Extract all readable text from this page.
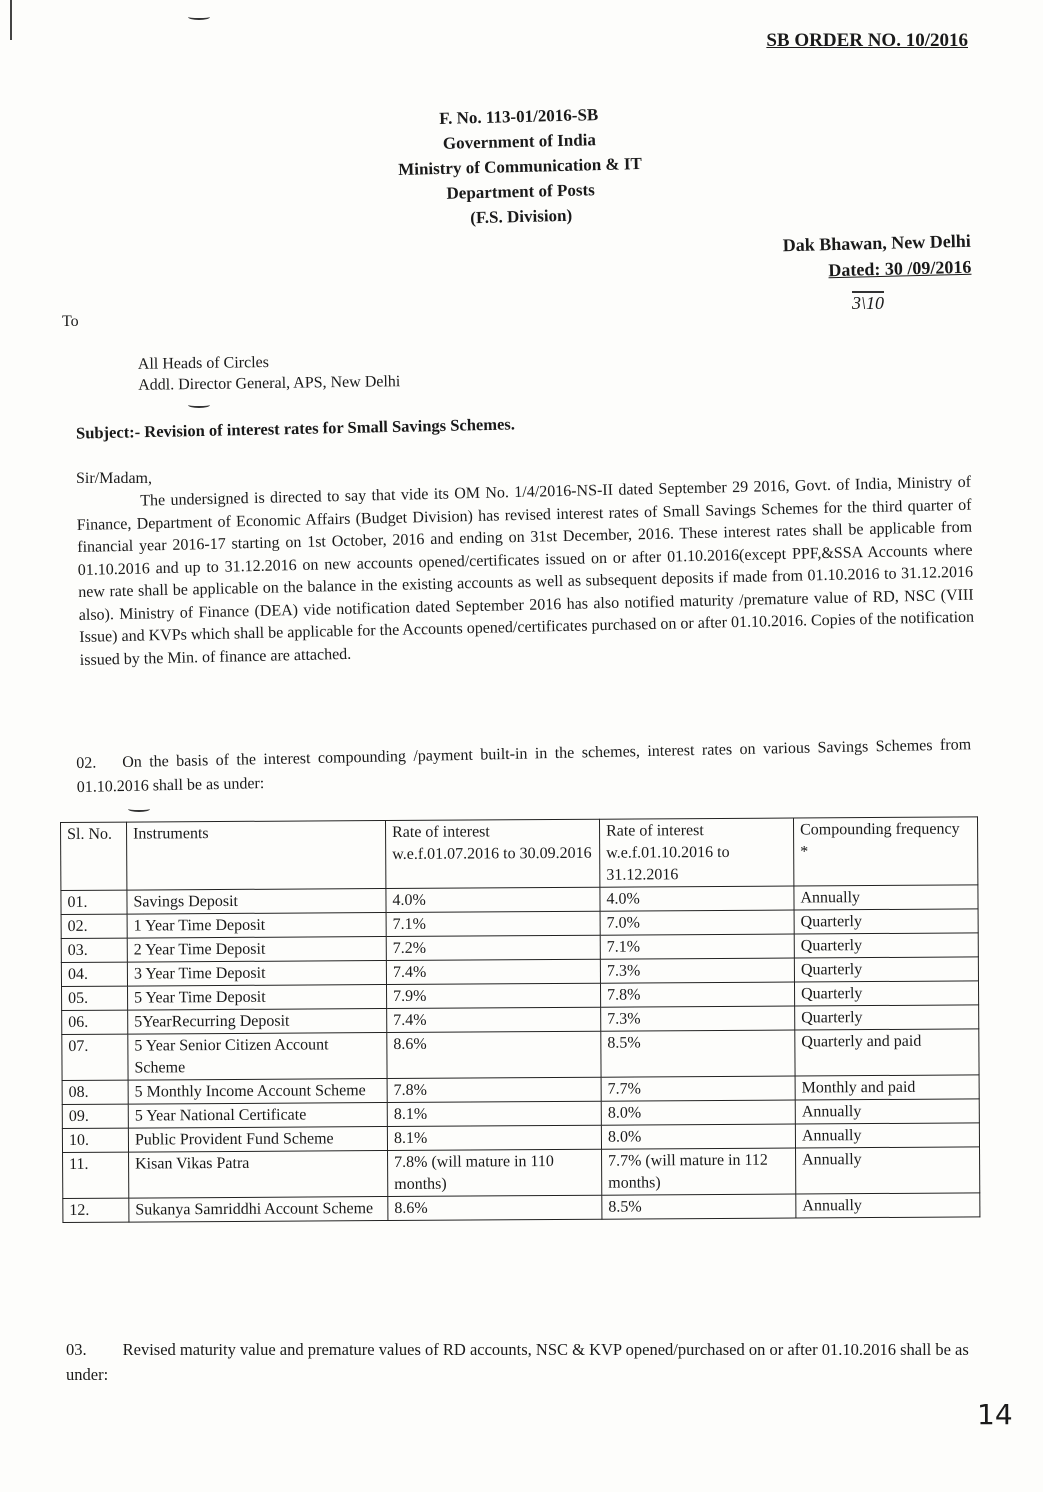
SB ORDER NO. 10/2016
F. No. 113-01/2016-SB
Government of India
Ministry of Communication & IT
Department of Posts
(F.S. Division)
Dak Bhawan, New Delhi
Dated: 30 /09/2016
3\10
To
All Heads of Circles
Addl. Director General, APS, New Delhi
Subject:- Revision of interest rates for Small Savings Schemes.
Sir/Madam,
The undersigned is directed to say that vide its OM No. 1/4/2016-NS-II dated September 29 2016, Govt. of India, Ministry of Finance, Department of Economic Affairs (Budget Division) has revised interest rates of Small Savings Schemes for the third quarter of financial year 2016-17 starting on 1st October, 2016 and ending on 31st December, 2016. These interest rates shall be applicable from 01.10.2016 and up to 31.12.2016 on new accounts opened/certificates issued on or after 01.10.2016(except PPF,&SSA Accounts where new rate shall be applicable on the balance in the existing accounts as well as subsequent deposits if made from 01.10.2016 to 31.12.2016 also). Ministry of Finance (DEA) vide notification dated September 2016 has also notified maturity /premature value of RD, NSC (VIII Issue) and KVPs which shall be applicable for the Accounts opened/certificates purchased on or after 01.10.2016. Copies of the notification issued by the Min. of finance are attached.
02. On the basis of the interest compounding /payment built-in in the schemes, interest rates on various Savings Schemes from 01.10.2016 shall be as under:
Sl. No.	Instruments	Rate of interest w.e.f.01.07.2016 to 30.09.2016	Rate of interest w.e.f.01.10.2016 to 31.12.2016	Compounding frequency *
01.	Savings Deposit	4.0%	4.0%	Annually
02.	1 Year Time Deposit	7.1%	7.0%	Quarterly
03.	2 Year Time Deposit	7.2%	7.1%	Quarterly
04.	3 Year Time Deposit	7.4%	7.3%	Quarterly
05.	5 Year Time Deposit	7.9%	7.8%	Quarterly
06.	5YearRecurring Deposit	7.4%	7.3%	Quarterly
07.	5 Year Senior Citizen Account Scheme	8.6%	8.5%	Quarterly and paid
08.	5 Monthly Income Account Scheme	7.8%	7.7%	Monthly and paid
09.	5 Year National Certificate	8.1%	8.0%	Annually
10.	Public Provident Fund Scheme	8.1%	8.0%	Annually
11.	Kisan Vikas Patra	7.8% (will mature in 110 months)	7.7% (will mature in 112 months)	Annually
12.	Sukanya Samriddhi Account Scheme	8.6%	8.5%	Annually
03. Revised maturity value and premature values of RD accounts, NSC & KVP opened/purchased on or after 01.10.2016 shall be as under:
14
